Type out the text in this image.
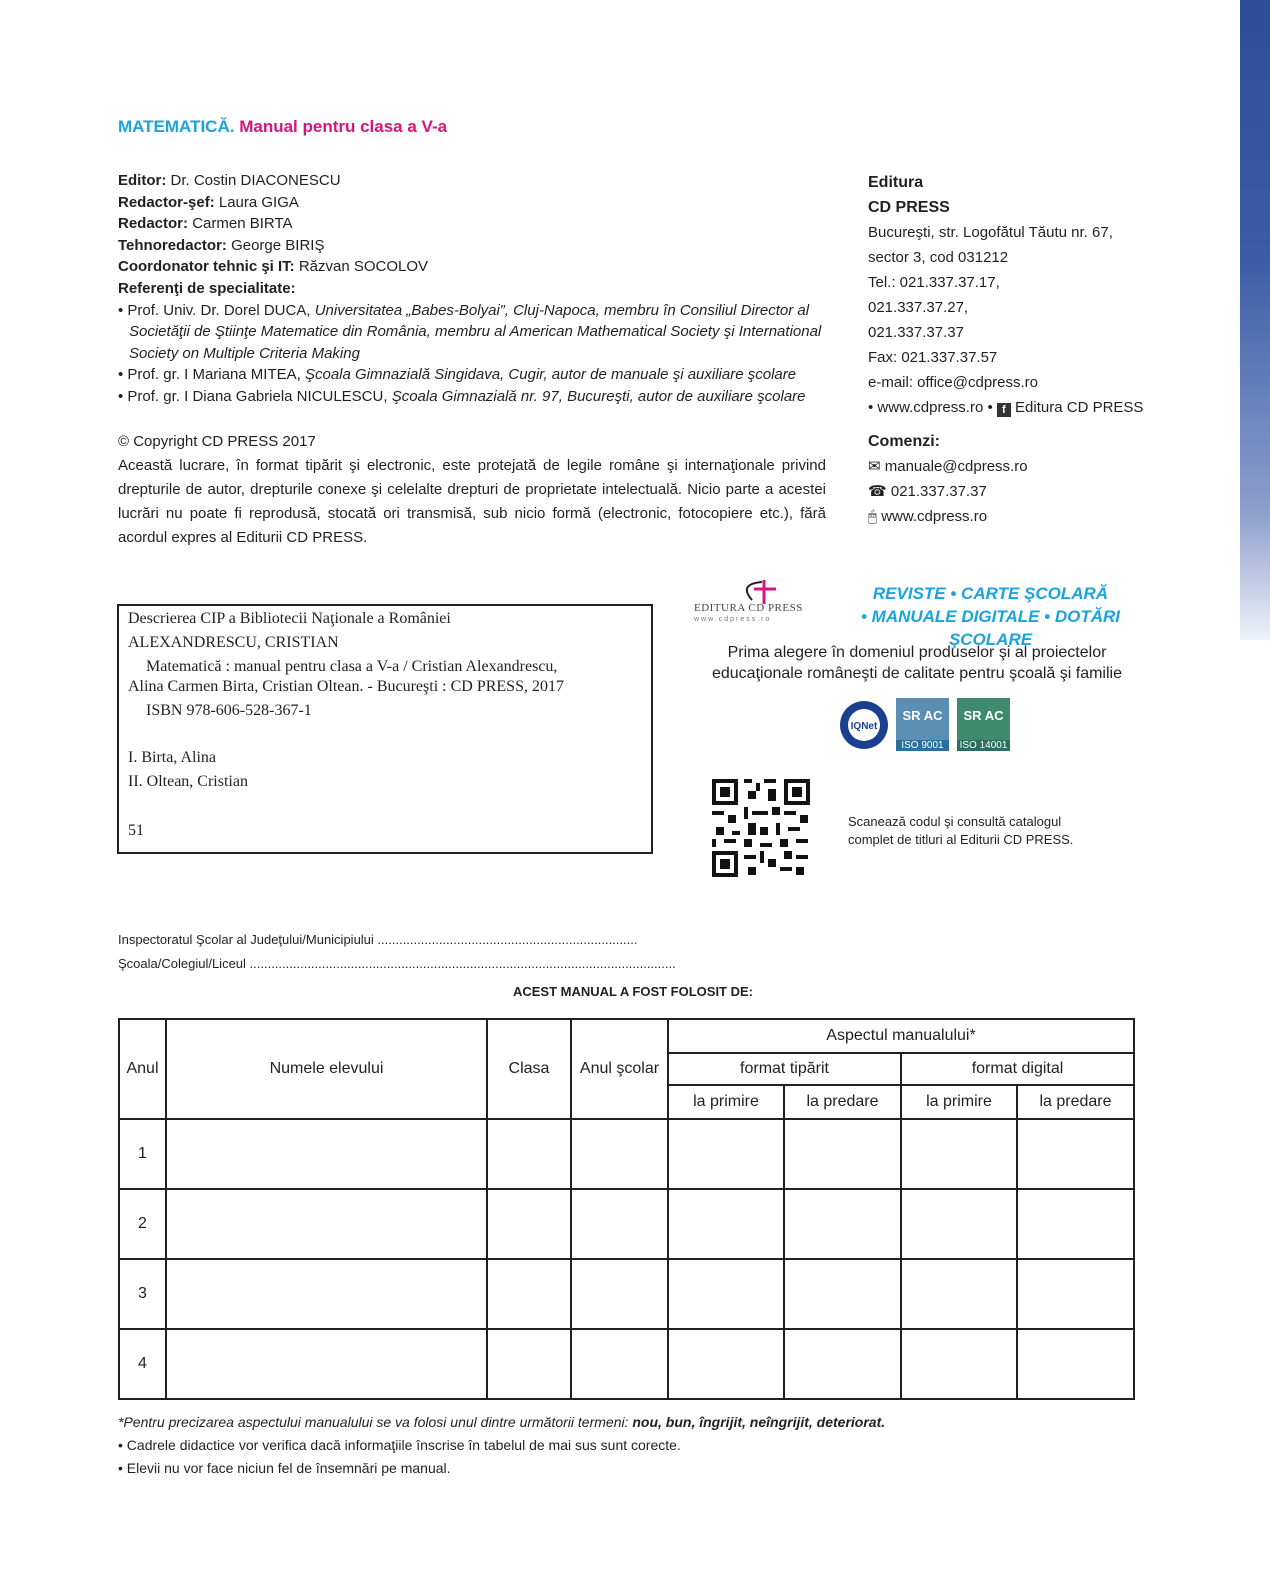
MATEMATICĂ. Manual pentru clasa a V-a
Editor: Dr. Costin DIACONESCU
Redactor-şef: Laura GIGA
Redactor: Carmen BIRTA
Tehnoredactor: George BIRIŞ
Coordonator tehnic şi IT: Răzvan SOCOLOV
Referenţi de specialitate:
• Prof. Univ. Dr. Dorel DUCA, Universitatea „Babes-Bolyai”, Cluj-Napoca, membru în Consiliul Director al Societăţii de Ştiinţe Matematice din România, membru al American Mathematical Society şi International Society on Multiple Criteria Making
• Prof. gr. I Mariana MITEA, Şcoala Gimnazială Singidava, Cugir, autor de manuale şi auxiliare şcolare
• Prof. gr. I Diana Gabriela NICULESCU, Şcoala Gimnazială nr. 97, Bucureşti, autor de auxiliare şcolare
© Copyright CD PRESS 2017
Această lucrare, în format tipărit şi electronic, este protejată de legile române şi internaţionale privind drepturile de autor, drepturile conexe şi celelalte drepturi de proprietate intelectuală. Nicio parte a acestei lucrări nu poate fi reprodusă, stocată ori transmisă, sub nicio formă (electronic, fotocopiere etc.), fără acordul expres al Editurii CD PRESS.
Editura
CD PRESS
Bucureşti, str. Logofătul Tăutu nr. 67,
sector 3, cod 031212
Tel.: 021.337.37.17,
021.337.37.27,
021.337.37.37
Fax: 021.337.37.57
e-mail: office@cdpress.ro
• www.cdpress.ro • f Editura CD PRESS
Comenzi:
✉ manuale@cdpress.ro
☎ 021.337.37.37
🖱 www.cdpress.ro
Descrierea CIP a Bibliotecii Naţionale a României
ALEXANDRESCU, CRISTIAN
Matematică : manual pentru clasa a V-a / Cristian Alexandrescu,
Alina Carmen Birta, Cristian Oltean. - Bucureşti : CD PRESS, 2017
ISBN 978-606-528-367-1
I. Birta, Alina
II. Oltean, Cristian
51
EDITURA CD PRESS
www.cdpress.ro
REVISTE • CARTE ŞCOLARĂ
• MANUALE DIGITALE • DOTĂRI ŞCOLARE
Prima alegere în domeniul produselor şi al proiectelor educaţionale româneşti de calitate pentru şcoală şi familie
IQNet
SR AC
ISO 9001
SR AC
ISO 14001
Scanează codul şi consultă catalogul
complet de titluri al Editurii CD PRESS.
Inspectoratul Şcolar al Judeţului/Municipiului ........................................................................
Şcoala/Colegiul/Liceul ......................................................................................................................
ACEST MANUAL A FOST FOLOSIT DE:
Anul	Numele elevului	Clasa	Anul şcolar	Aspectul manualului*			
				format tipărit		format digital	
				la primire	la predare	la primire	la predare
1							
2							
3							
4							
*Pentru precizarea aspectului manualului se va folosi unul dintre următorii termeni: nou, bun, îngrijit, neîngrijit, deteriorat.
• Cadrele didactice vor verifica dacă informaţiile înscrise în tabelul de mai sus sunt corecte.
• Elevii nu vor face niciun fel de însemnări pe manual.
